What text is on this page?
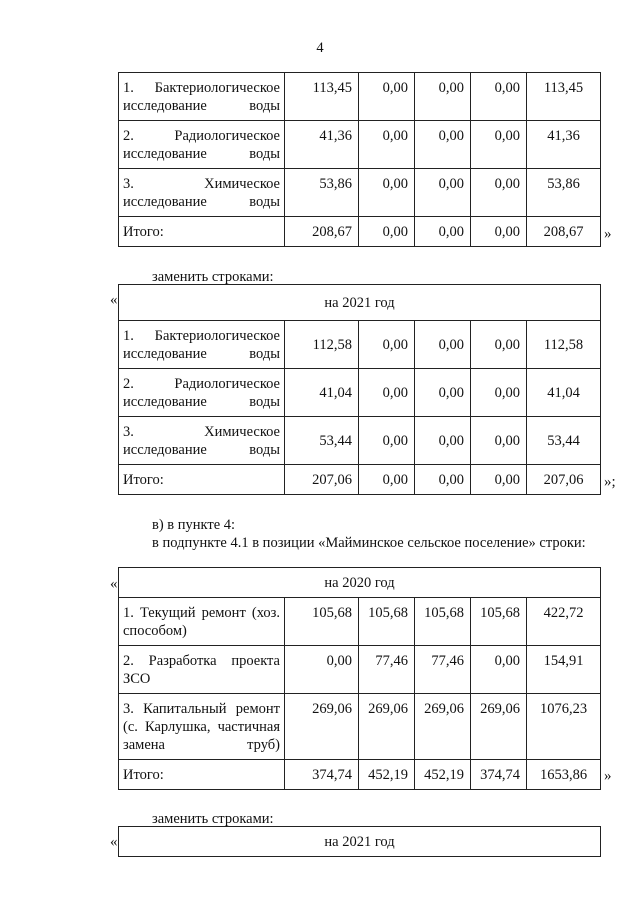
4
1. Бактериологическое исследование воды	113,45	0,00	0,00	0,00	113,45
2. Радиологическое исследование воды	41,36	0,00	0,00	0,00	41,36
3. Химическое исследование воды	53,86	0,00	0,00	0,00	53,86
Итого:	208,67	0,00	0,00	0,00	208,67 »
заменить строками:
«	на 2021 год					
1. Бактериологическое исследование воды	112,58	0,00	0,00	0,00	112,58
2. Радиологическое исследование воды	41,04	0,00	0,00	0,00	41,04
3. Химическое исследование воды	53,44	0,00	0,00	0,00	53,44
Итого:	207,06	0,00	0,00	0,00	207,06 »;
в) в пункте 4:
в подпункте 4.1 в позиции «Майминское сельское поселение» строки:
«	на 2020 год					
1. Текущий ремонт (хоз. способом)	105,68	105,68	105,68	105,68	422,72
2. Разработка проекта ЗСО	0,00	77,46	77,46	0,00	154,91
3. Капитальный ремонт (с. Карлушка, частичная замена труб)	269,06	269,06	269,06	269,06	1076,23
Итого:	374,74	452,19	452,19	374,74	1653,86 »
заменить строками:
«	на 2021 год
